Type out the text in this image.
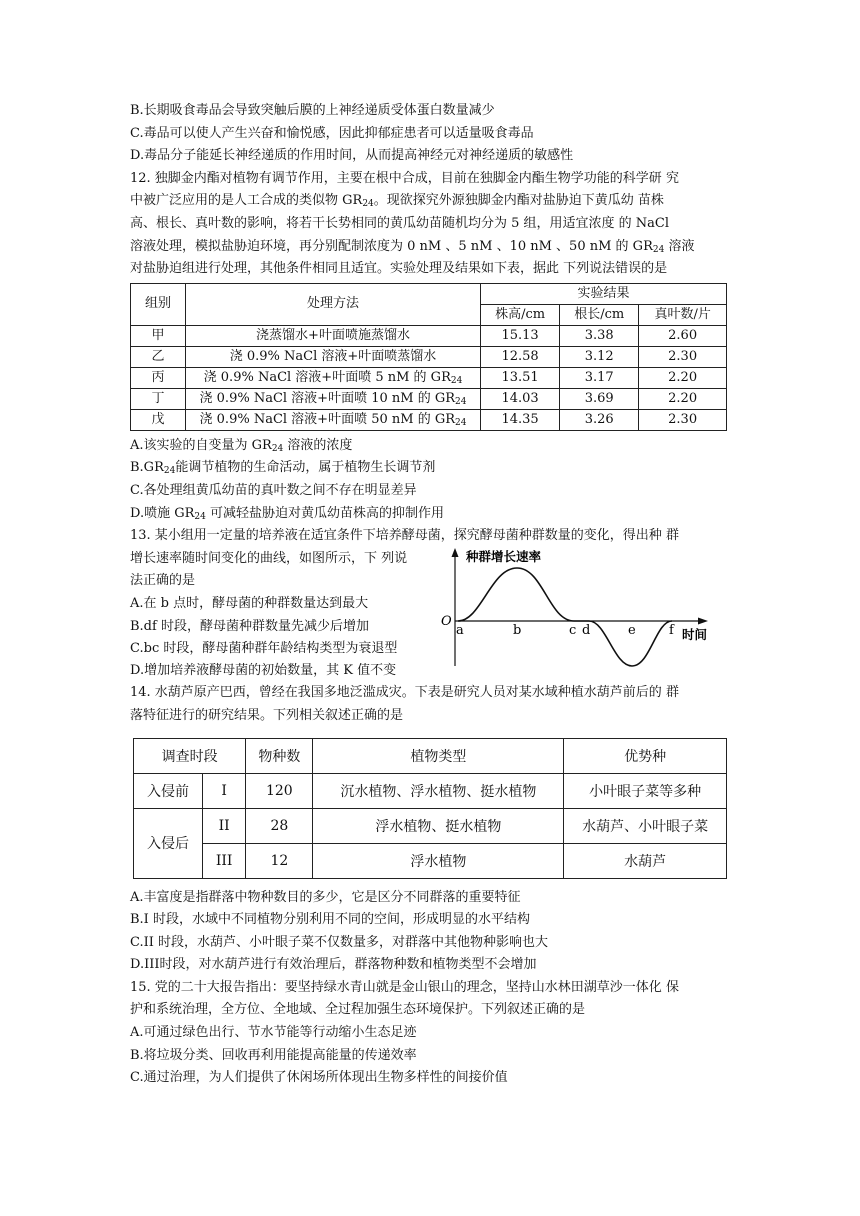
B.长期吸食毒品会导致突触后膜的上神经递质受体蛋白数量减少
C.毒品可以使人产生兴奋和愉悦感，因此抑郁症患者可以适量吸食毒品
D.毒品分子能延长神经递质的作用时间，从而提高神经元对神经递质的敏感性
12. 独脚金内酯对植物有调节作用，主要在根中合成，目前在独脚金内酯生物学功能的科学研 究
中被广泛应用的是人工合成的类似物 $GR_{24}$。现欲探究外源独脚金内酯对盐胁迫下黄瓜幼 苗株
高、根长、真叶数的影响，将若干长势相同的黄瓜幼苗随机均分为 5 组，用适宜浓度 的 NaCl
溶液处理，模拟盐胁迫环境，再分别配制浓度为 0 nM 、5 nM 、10 nM 、50 nM 的 $GR_{24}$ 溶液
对盐胁迫组进行处理，其他条件相同且适宜。实验处理及结果如下表，据此 下列说法错误的是
组别	处理方法	实验结果		
		株高/cm	根长/cm	真叶数/片
甲	浇蒸馏水+叶面喷施蒸馏水	15.13	3.38	2.60
乙	浇 0.9% NaCl 溶液+叶面喷蒸馏水	12.58	3.12	2.30
丙	浇 0.9% NaCl 溶液+叶面喷 5 nM 的 $GR_{24}$	13.51	3.17	2.20
丁	浇 0.9% NaCl 溶液+叶面喷 10 nM 的 $GR_{24}$	14.03	3.69	2.20
戊	浇 0.9% NaCl 溶液+叶面喷 50 nM 的 $GR_{24}$	14.35	3.26	2.30
A.该实验的自变量为 $GR_{24}$ 溶液的浓度
$B.GR_{24}$能调节植物的生命活动，属于植物生长调节剂
C.各处理组黄瓜幼苗的真叶数之间不存在明显差异
D.喷施 $GR_{24}$ 可减轻盐胁迫对黄瓜幼苗株高的抑制作用
13. 某小组用一定量的培养液在适宜条件下培养酵母菌，探究酵母菌种群数量的变化，得出种 群
增长速率随时间变化的曲线，如图所示，下 列说
法正确的是
A.在 b 点时，酵母菌的种群数量达到最大
B.df 时段，酵母菌种群数量先减少后增加
C.bc 时段，酵母菌种群年龄结构类型为衰退型
种群增长速率
时间
O
a	b	c d	e	f
D.增加培养液酵母菌的初始数量，其 K 值不变
14. 水葫芦原产巴西，曾经在我国多地泛滥成灾。下表是研究人员对某水域种植水葫芦前后的 群
落特征进行的研究结果。下列相关叙述正确的是
调查时段		物种数	植物类型	优势种
入侵前	I	120	沉水植物、浮水植物、挺水植物	小叶眼子菜等多种
入侵后	II	28	浮水植物、挺水植物	水葫芦、小叶眼子菜
	III	12	浮水植物	水葫芦
A.丰富度是指群落中物种数目的多少，它是区分不同群落的重要特征
B.I 时段，水域中不同植物分别利用不同的空间，形成明显的水平结构
C.II 时段，水葫芦、小叶眼子菜不仅数量多，对群落中其他物种影响也大
D.III时段，对水葫芦进行有效治理后，群落物种数和植物类型不会增加
15. 党的二十大报告指出：要坚持绿水青山就是金山银山的理念，坚持山水林田湖草沙一体化 保
护和系统治理，全方位、全地域、全过程加强生态环境保护。下列叙述正确的是
A.可通过绿色出行、节水节能等行动缩小生态足迹
B.将垃圾分类、回收再利用能提高能量的传递效率
C.通过治理，为人们提供了休闲场所体现出生物多样性的间接价值
